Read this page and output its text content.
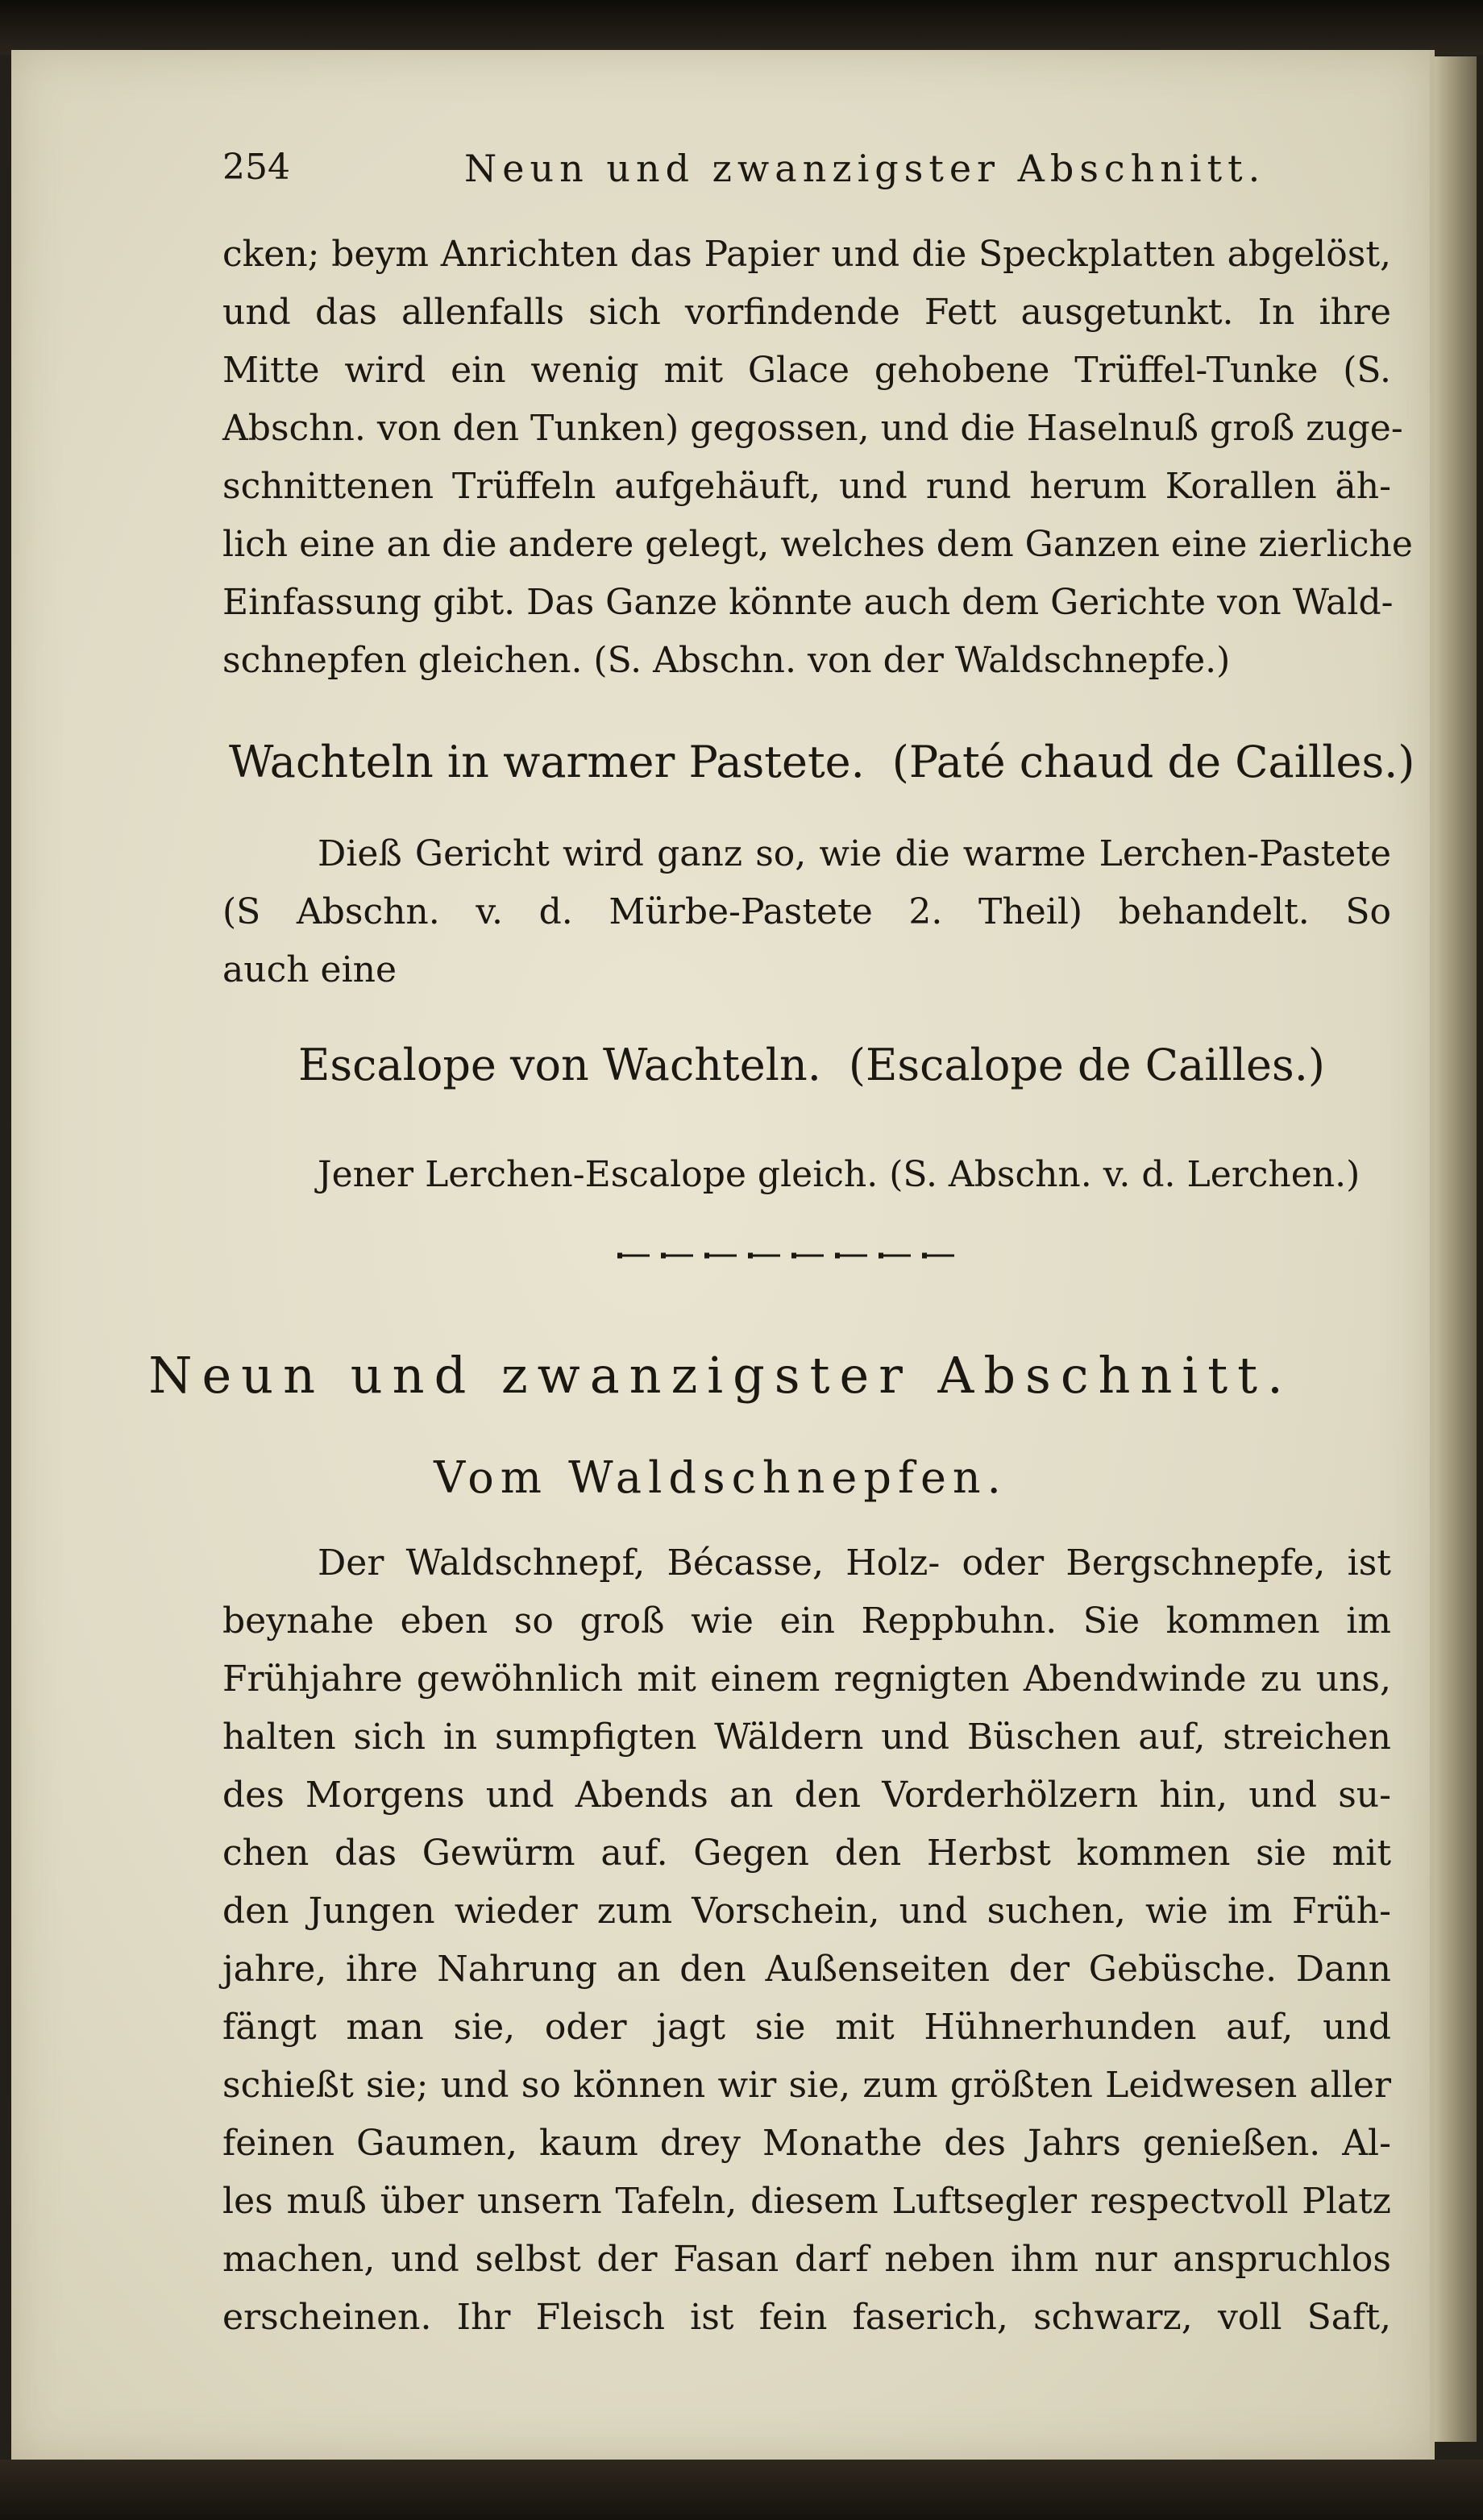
254	Neun und zwanzigster Abschnitt.
cken; beym Anrichten das Papier und die Speckplatten abgelöst,
und das allenfalls sich vorfindende Fett ausgetunkt. In ihre
Mitte wird ein wenig mit Glace gehobene Trüffel-Tunke (S.
Abschn. von den Tunken) gegossen, und die Haselnuß groß zuge-
schnittenen Trüffeln aufgehäuft, und rund herum Korallen äh-
lich eine an die andere gelegt, welches dem Ganzen eine zierliche
Einfassung gibt. Das Ganze könnte auch dem Gerichte von Wald-
schnepfen gleichen. (S. Abschn. von der Waldschnepfe.)
Wachteln in warmer Pastete. (Paté chaud de Cailles.)
Dieß Gericht wird ganz so, wie die warme Lerchen-Pastete
(S Abschn. v. d. Mürbe-Pastete 2. Theil) behandelt. So
auch eine
Escalope von Wachteln. (Escalope de Cailles.)
Jener Lerchen-Escalope gleich. (S. Abschn. v. d. Lerchen.)
Neun und zwanzigster Abschnitt.
Vom Waldschnepfen.
Der Waldschnepf, Bécasse, Holz- oder Bergschnepfe, ist
beynahe eben so groß wie ein Reppbuhn. Sie kommen im
Frühjahre gewöhnlich mit einem regnigten Abendwinde zu uns,
halten sich in sumpfigten Wäldern und Büschen auf, streichen
des Morgens und Abends an den Vorderhölzern hin, und su-
chen das Gewürm auf. Gegen den Herbst kommen sie mit
den Jungen wieder zum Vorschein, und suchen, wie im Früh-
jahre, ihre Nahrung an den Außenseiten der Gebüsche. Dann
fängt man sie, oder jagt sie mit Hühnerhunden auf, und
schießt sie; und so können wir sie, zum größten Leidwesen aller
feinen Gaumen, kaum drey Monathe des Jahrs genießen. Al-
les muß über unsern Tafeln, diesem Luftsegler respectvoll Platz
machen, und selbst der Fasan darf neben ihm nur anspruchlos
erscheinen. Ihr Fleisch ist fein faserich, schwarz, voll Saft,
